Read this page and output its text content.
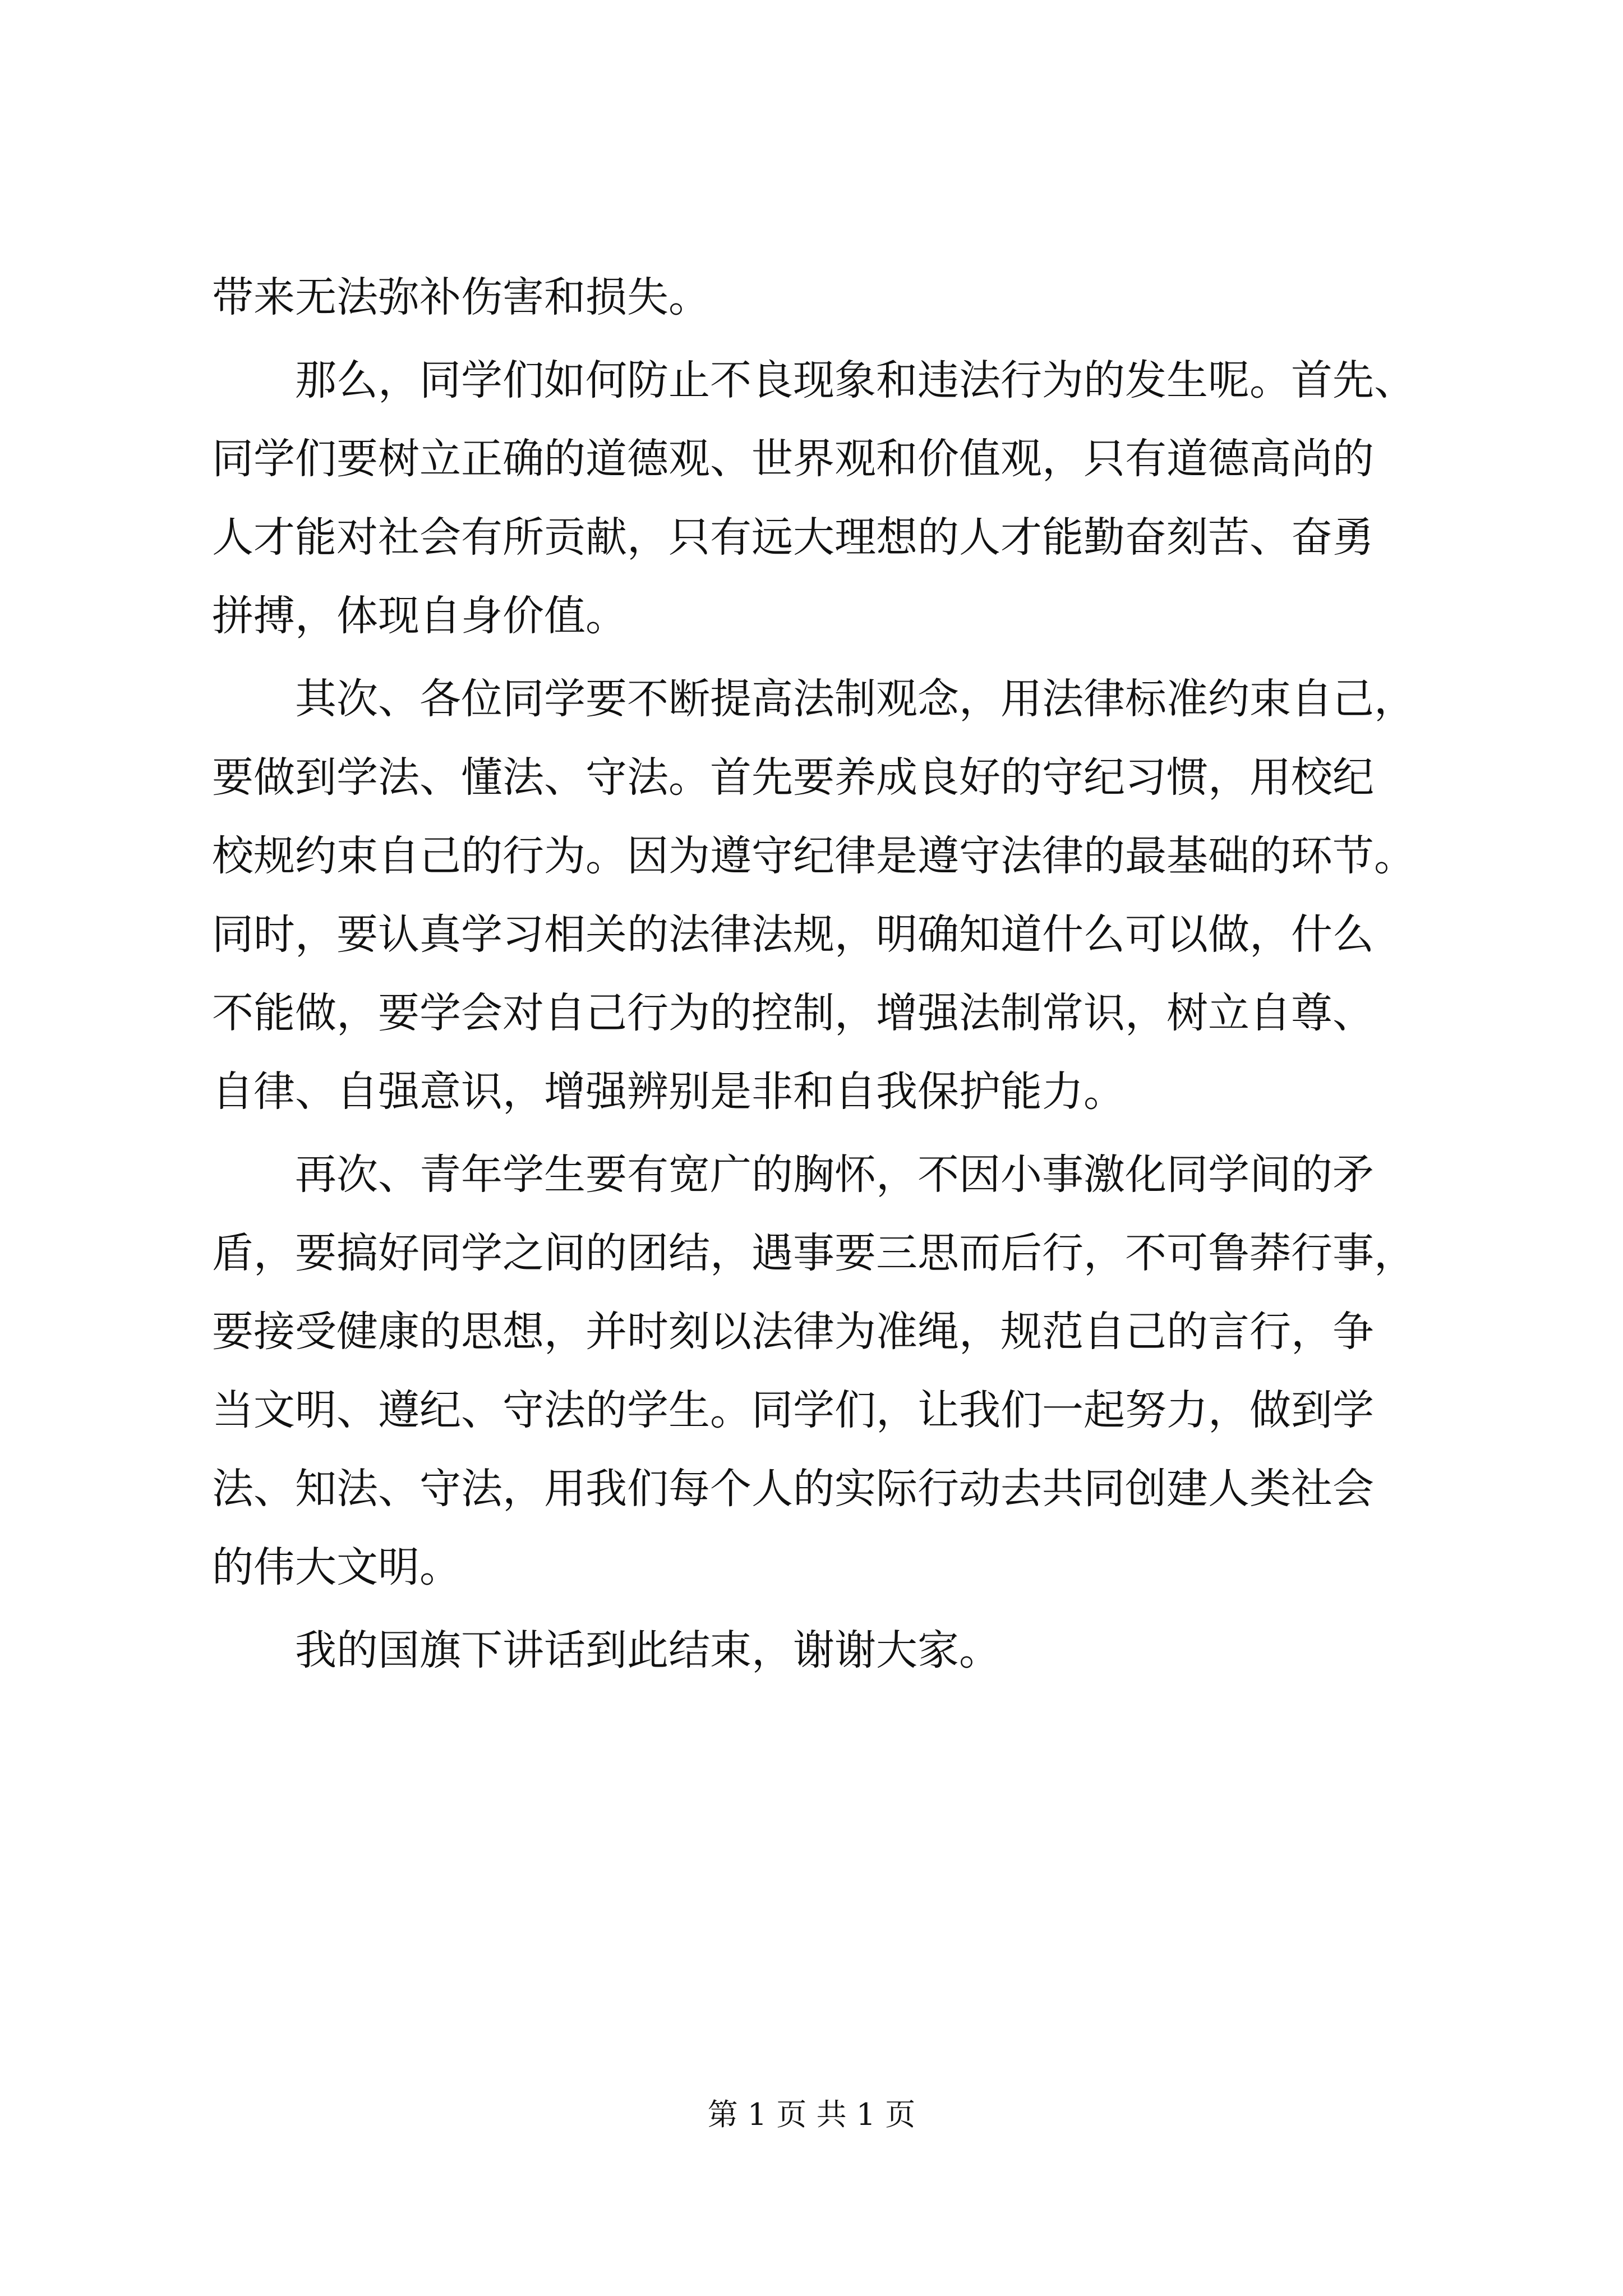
带来无法弥补伤害和损失。
那么，同学们如何防止不良现象和违法行为的发生呢。首先、
同学们要树立正确的道德观、世界观和价值观，只有道德高尚的
人才能对社会有所贡献，只有远大理想的人才能勤奋刻苦、奋勇
拼搏，体现自身价值。
其次、各位同学要不断提高法制观念，用法律标准约束自己，
要做到学法、懂法、守法。首先要养成良好的守纪习惯，用校纪
校规约束自己的行为。因为遵守纪律是遵守法律的最基础的环节。
同时，要认真学习相关的法律法规，明确知道什么可以做，什么
不能做，要学会对自己行为的控制，增强法制常识，树立自尊、
自律、自强意识，增强辨别是非和自我保护能力。
再次、青年学生要有宽广的胸怀，不因小事激化同学间的矛
盾，要搞好同学之间的团结，遇事要三思而后行，不可鲁莽行事，
要接受健康的思想，并时刻以法律为准绳，规范自己的言行，争
当文明、遵纪、守法的学生。同学们，让我们一起努力，做到学
法、知法、守法，用我们每个人的实际行动去共同创建人类社会
的伟大文明。
我的国旗下讲话到此结束，谢谢大家。
第 1 页 共 1 页
